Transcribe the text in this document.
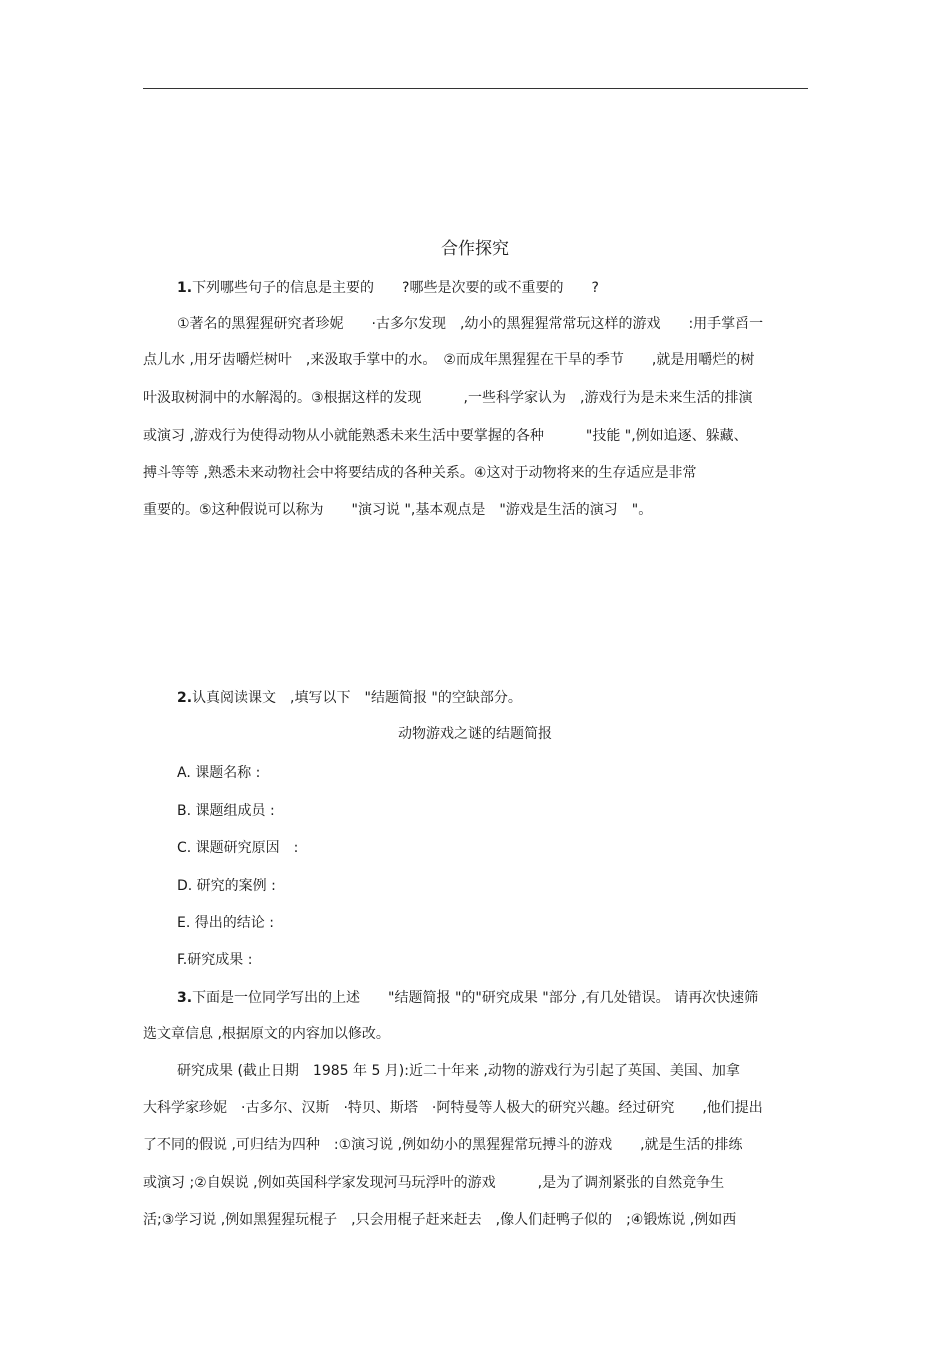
合作探究
1.下列哪些句子的信息是主要的　　?哪些是次要的或不重要的　　?
①著名的黑猩猩研究者珍妮　　·古多尔发现　,幼小的黑猩猩常常玩这样的游戏　　:用手掌舀一
点儿水 ,用牙齿嚼烂树叶　,来汲取手掌中的水。　②而成年黑猩猩在干旱的季节　　,就是用嚼烂的树
叶汲取树洞中的水解渴的。③根据这样的发现　　　,一些科学家认为　,游戏行为是未来生活的排演
或演习 ,游戏行为使得动物从小就能熟悉未来生活中要掌握的各种　　　"技能 ",例如追逐、躲藏、
搏斗等等 ,熟悉未来动物社会中将要结成的各种关系。④这对于动物将来的生存适应是非常
重要的。⑤这种假说可以称为　　"演习说 ",基本观点是　"游戏是生活的演习　"。
2.认真阅读课文　,填写以下　"结题简报 "的空缺部分。
动物游戏之谜的结题简报
A. 课题名称 :
B. 课题组成员 :
C. 课题研究原因　:
D. 研究的案例 :
E. 得出的结论 :
F.研究成果 :
3.下面是一位同学写出的上述　　"结题简报 "的"研究成果 "部分 ,有几处错误。 请再次快速筛
选文章信息 ,根据原文的内容加以修改。
研究成果 (截止日期　1985 年 5 月):近二十年来 ,动物的游戏行为引起了英国、美国、加拿
大科学家珍妮　·古多尔、汉斯　·特贝、斯塔　·阿特曼等人极大的研究兴趣。经过研究　　,他们提出
了不同的假说 ,可归结为四种　:①演习说 ,例如幼小的黑猩猩常玩搏斗的游戏　　,就是生活的排练
或演习 ;②自娱说 ,例如英国科学家发现河马玩浮叶的游戏　　　,是为了调剂紧张的自然竞争生
活;③学习说 ,例如黑猩猩玩棍子　,只会用棍子赶来赶去　,像人们赶鸭子似的　;④锻炼说 ,例如西
